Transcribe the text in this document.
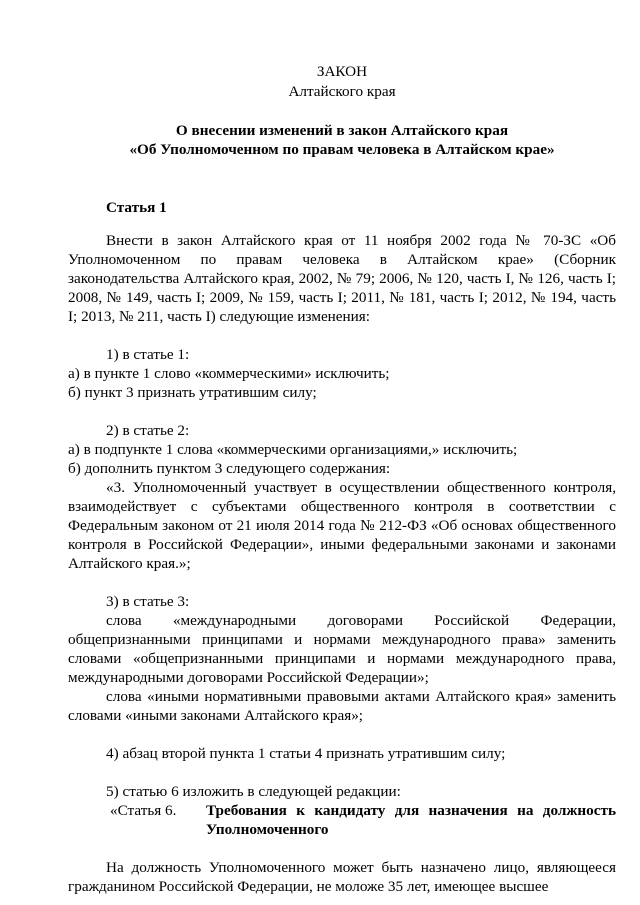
ЗАКОН
Алтайского края
О внесении изменений в закон Алтайского края
«Об Уполномоченном по правам человека в Алтайском крае»
Статья 1

Внести в закон Алтайского края от 11 ноября 2002 года № 70-ЗС «Об Уполномоченном по правам человека в Алтайском крае» (Сборник законодательства Алтайского края, 2002, № 79; 2006, № 120, часть I, № 126, часть I; 2008, № 149, часть I; 2009, № 159, часть I; 2011, № 181, часть I; 2012, № 194, часть I; 2013, № 211, часть I) следующие изменения:

1) в статье 1:

а) в пункте 1 слово «коммерческими» исключить;

б) пункт 3 признать утратившим силу;

2) в статье 2:

а) в подпункте 1 слова «коммерческими организациями,» исключить;

б) дополнить пунктом 3 следующего содержания:

«3. Уполномоченный участвует в осуществлении общественного контроля, взаимодействует с субъектами общественного контроля в соответствии с Федеральным законом от 21 июля 2014 года № 212-ФЗ «Об основах общественного контроля в Российской Федерации», иными федеральными законами и законами Алтайского края.»;

3) в статье 3:

слова «международными договорами Российской Федерации, общепризнанными принципами и нормами международного права» заменить словами «общепризнанными принципами и нормами международного права, международными договорами Российской Федерации»;

слова «иными нормативными правовыми актами Алтайского края» заменить словами «иными законами Алтайского края»;

4) абзац второй пункта 1 статьи 4 признать утратившим силу;

5) статью 6 изложить в следующей редакции:

«Статья 6.	Требования к кандидату для назначения на должность Уполномоченного

На должность Уполномоченного может быть назначено лицо, являющееся гражданином Российской Федерации, не моложе 35 лет, имеющее высшее
